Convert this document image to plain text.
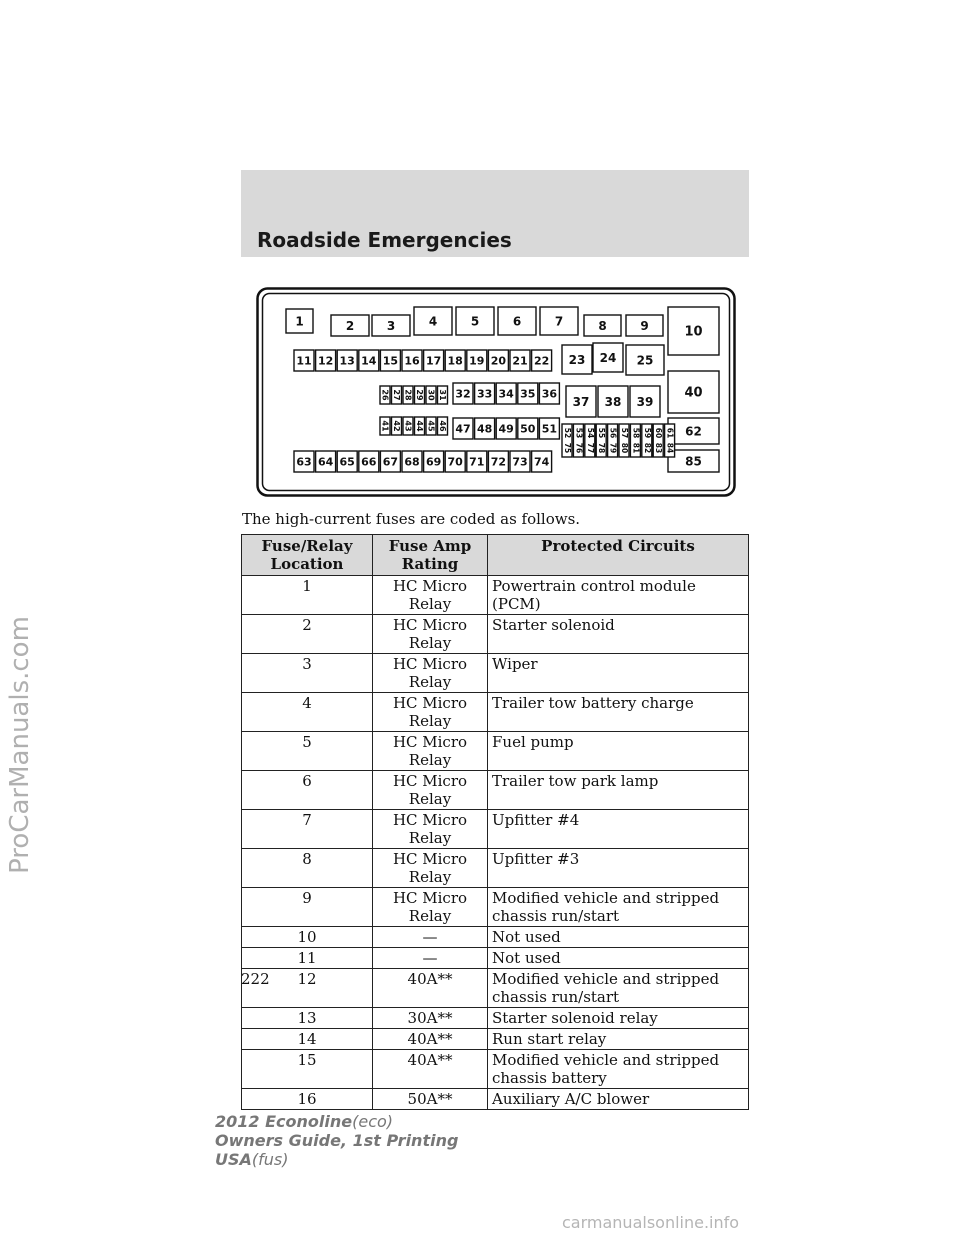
Roadside Emergencies
1	2	3	4	5	6	7	8	9	10
23 24 25
37 38 39
40
62
85
11 12 13 14 15 16 17 18 19 20 21 22
32 33 34 35 36
47 48 49 50 51
63 64 65 66 67 68 69 70 71 72 73 74
26 27 28 29 30 31
41 42 43 44 45 46
52
75
53
76
54
77
55
78
56
79
57
80
58
81
59
82
60
83
61
84
The high-current fuses are coded as follows.
Fuse/Relay Location	Fuse Amp Rating	Protected Circuits
1	HC Micro Relay	Powertrain control module (PCM)
2	HC Micro Relay	Starter solenoid
3	HC Micro Relay	Wiper
4	HC Micro Relay	Trailer tow battery charge
5	HC Micro Relay	Fuel pump
6	HC Micro Relay	Trailer tow park lamp
7	HC Micro Relay	Upfitter #4
8	HC Micro Relay	Upfitter #3
9	HC Micro Relay	Modified vehicle and stripped chassis run/start
10	—	Not used
11	—	Not used
12	40A**	Modified vehicle and stripped chassis run/start
13	30A**	Starter solenoid relay
14	40A**	Run start relay
15	40A**	Modified vehicle and stripped chassis battery
16	50A**	Auxiliary A/C blower
222
2012 Econoline(eco)
Owners Guide, 1st Printing
USA(fus)
ProCarManuals.com
carmanualsonline.info
